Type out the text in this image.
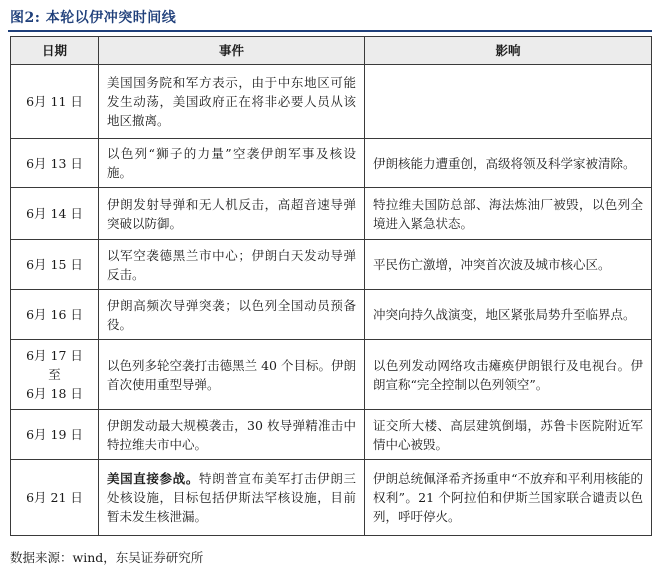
图2: 本轮以伊冲突时间线
日期	事件	影响
6月 11 日	美国国务院和军方表示，由于中东地区可能发生动荡，美国政府正在将非必要人员从该地区撤离。	
6月 13 日	以色列“狮子的力量”空袭伊朗军事及核设施。	伊朗核能力遭重创，高级将领及科学家被清除。
6月 14 日	伊朗发射导弹和无人机反击，高超音速导弹突破以防御。	特拉维夫国防总部、海法炼油厂被毁，以色列全境进入紧急状态。
6月 15 日	以军空袭德黑兰市中心；伊朗白天发动导弹反击。	平民伤亡激增，冲突首次波及城市核心区。
6月 16 日	伊朗高频次导弹突袭；以色列全国动员预备役。	冲突向持久战演变，地区紧张局势升至临界点。
6月 17 日
至
6月 18 日	以色列多轮空袭打击德黑兰 40 个目标。伊朗首次使用重型导弹。	以色列发动网络攻击瘫痪伊朗银行及电视台。伊朗宣称“完全控制以色列领空”。
6月 19 日	伊朗发动最大规模袭击，30 枚导弹精准击中特拉维夫市中心。	证交所大楼、高层建筑倒塌，苏鲁卡医院附近军情中心被毁。
6月 21 日	美国直接参战。特朗普宣布美军打击伊朗三处核设施，目标包括伊斯法罕核设施，目前暂未发生核泄漏。	伊朗总统佩泽希齐扬重申“不放弃和平利用核能的权利”。21 个阿拉伯和伊斯兰国家联合谴责以色列，呼吁停火。
数据来源：wind，东吴证券研究所
